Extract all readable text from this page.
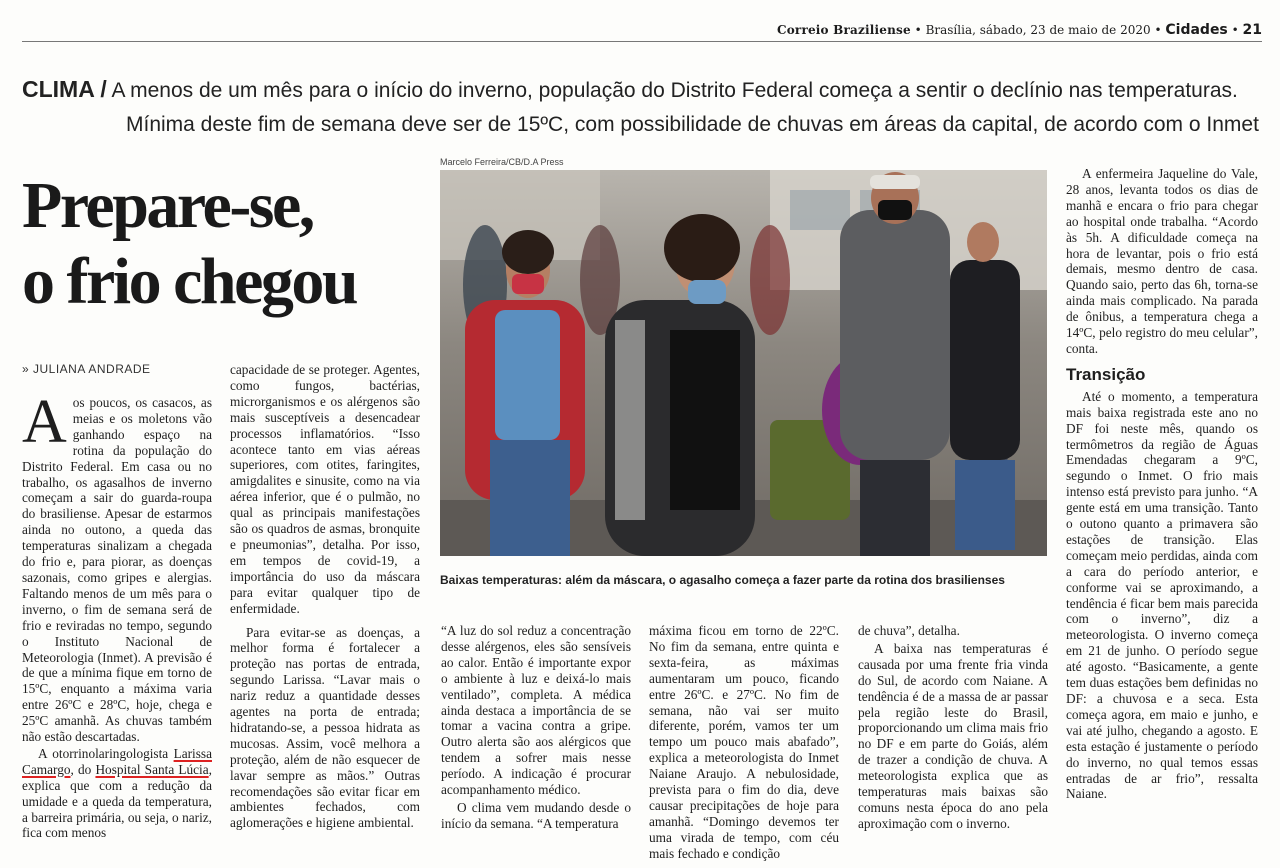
Correio Braziliense • Brasília, sábado, 23 de maio de 2020 • Cidades • 21
CLIMA / A menos de um mês para o início do inverno, população do Distrito Federal começa a sentir o declínio nas temperaturas.
Mínima deste fim de semana deve ser de 15ºC, com possibilidade de chuvas em áreas da capital, de acordo com o Inmet
Prepare-se,
o frio chegou
» JULIANA ANDRADE

Aos poucos, os casacos, as meias e os moletons vão ganhando espaço na rotina da população do Distrito Federal. Em casa ou no trabalho, os agasalhos de inverno começam a sair do guarda-roupa do brasiliense. Apesar de estarmos ainda no outono, a queda das temperaturas sinalizam a chegada do frio e, para piorar, as doenças sazonais, como gripes e alergias. Faltando menos de um mês para o inverno, o fim de semana será de frio e reviradas no tempo, segundo o Instituto Nacional de Meteorologia (Inmet). A previsão é de que a mínima fique em torno de 15ºC, enquanto a máxima varia entre 26ºC e 28ºC, hoje, chega e 25ºC amanhã. As chuvas também não estão descartadas.

A otorrinolaringologista Larissa Camargo, do Hospital Santa Lúcia, explica que com a redução da umidade e a queda da temperatura, a barreira primária, ou seja, o nariz, fica com menos

capacidade de se proteger. Agentes, como fungos, bactérias, microrganismos e os alérgenos são mais susceptíveis a desencadear processos inflamatórios. “Isso acontece tanto em vias aéreas superiores, com otites, faringites, amigdalites e sinusite, como na via aérea inferior, que é o pulmão, no qual as principais manifestações são os quadros de asmas, bronquite e pneumonias”, detalha. Por isso, em tempos de covid-19, a importância do uso da máscara para evitar qualquer tipo de enfermidade.

Para evitar-se as doenças, a melhor forma é fortalecer a proteção nas portas de entrada, segundo Larissa. “Lavar mais o nariz reduz a quantidade desses agentes na porta de entrada; hidratando-se, a pessoa hidrata as mucosas. Assim, você melhora a proteção, além de não esquecer de lavar sempre as mãos.” Outras recomendações são evitar ficar em ambientes fechados, com aglomerações e higiene ambiental.

Marcelo Ferreira/CB/D.A Press
Baixas temperaturas: além da máscara, o agasalho começa a fazer parte da rotina dos brasilienses

“A luz do sol reduz a concentração desse alérgenos, eles são sensíveis ao calor. Então é importante expor o ambiente à luz e deixá-lo mais ventilado”, completa. A médica ainda destaca a importância de se tomar a vacina contra a gripe. Outro alerta são aos alérgicos que tendem a sofrer mais nesse período. A indicação é procurar acompanhamento médico.

O clima vem mudando desde o início da semana. “A temperatura

máxima ficou em torno de 22ºC. No fim da semana, entre quinta e sexta-feira, as máximas aumentaram um pouco, ficando entre 26ºC. e 27ºC. No fim de semana, não vai ser muito diferente, porém, vamos ter um tempo um pouco mais abafado”, explica a meteorologista do Inmet Naiane Araujo. A nebulosidade, prevista para o fim do dia, deve causar precipitações de hoje para amanhã. “Domingo devemos ter uma virada de tempo, com céu mais fechado e condição

de chuva”, detalha.

A baixa nas temperaturas é causada por uma frente fria vinda do Sul, de acordo com Naiane. A tendência é de a massa de ar passar pela região leste do Brasil, proporcionando um clima mais frio no DF e em parte do Goiás, além de trazer a condição de chuva. A meteorologista explica que as temperaturas mais baixas são comuns nesta época do ano pela aproximação com o inverno.

A enfermeira Jaqueline do Vale, 28 anos, levanta todos os dias de manhã e encara o frio para chegar ao hospital onde trabalha. “Acordo às 5h. A dificuldade começa na hora de levantar, pois o frio está demais, mesmo dentro de casa. Quando saio, perto das 6h, torna-se ainda mais complicado. Na parada de ônibus, a temperatura chega a 14ºC, pelo registro do meu celular”, conta.

Transição

Até o momento, a temperatura mais baixa registrada este ano no DF foi neste mês, quando os termômetros da região de Águas Emendadas chegaram a 9ºC, segundo o Inmet. O frio mais intenso está previsto para junho. “A gente está em uma transição. Tanto o outono quanto a primavera são estações de transição. Elas começam meio perdidas, ainda com a cara do período anterior, e conforme vai se aproximando, a tendência é ficar bem mais parecida com o inverno”, diz a meteorologista. O inverno começa em 21 de junho. O período segue até agosto. “Basicamente, a gente tem duas estações bem definidas no DF: a chuvosa e a seca. Esta começa agora, em maio e junho, e vai até julho, chegando a agosto. E esta estação é justamente o período do inverno, no qual temos essas entradas de ar frio”, ressalta Naiane.
